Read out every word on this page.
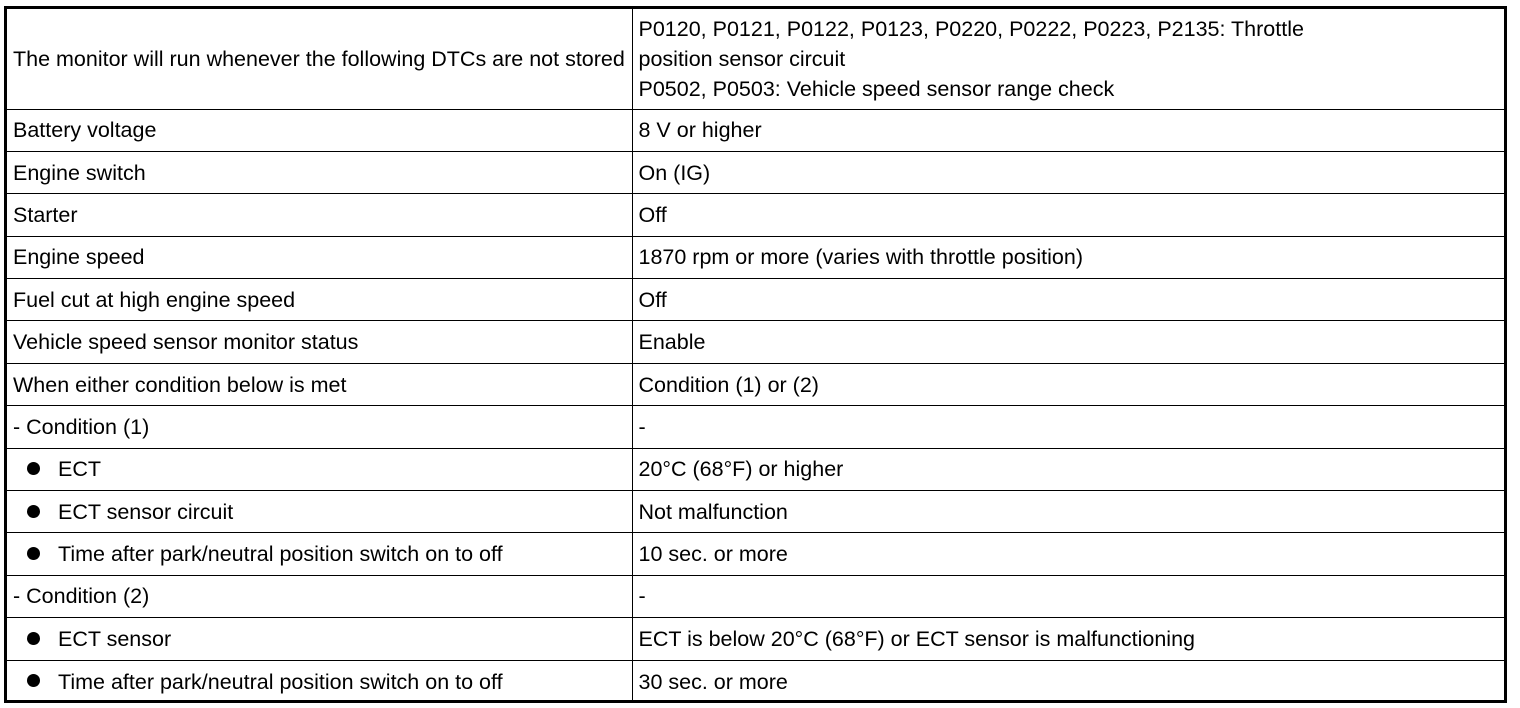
The monitor will run whenever the following DTCs are not stored	P0120, P0121, P0122, P0123, P0220, P0222, P0223, P2135: Throttle
position sensor circuit
P0502, P0503: Vehicle speed sensor range check

Battery voltage	8 V or higher
Engine switch	On (IG)
Starter	Off
Engine speed	1870 rpm or more (varies with throttle position)
Fuel cut at high engine speed	Off
Vehicle speed sensor monitor status	Enable
When either condition below is met	Condition (1) or (2)
- Condition (1)	-
ECT	20°C (68°F) or higher
ECT sensor circuit	Not malfunction
Time after park/neutral position switch on to off	10 sec. or more
- Condition (2)	-
ECT sensor	ECT is below 20°C (68°F) or ECT sensor is malfunctioning
Time after park/neutral position switch on to off	30 sec. or more
